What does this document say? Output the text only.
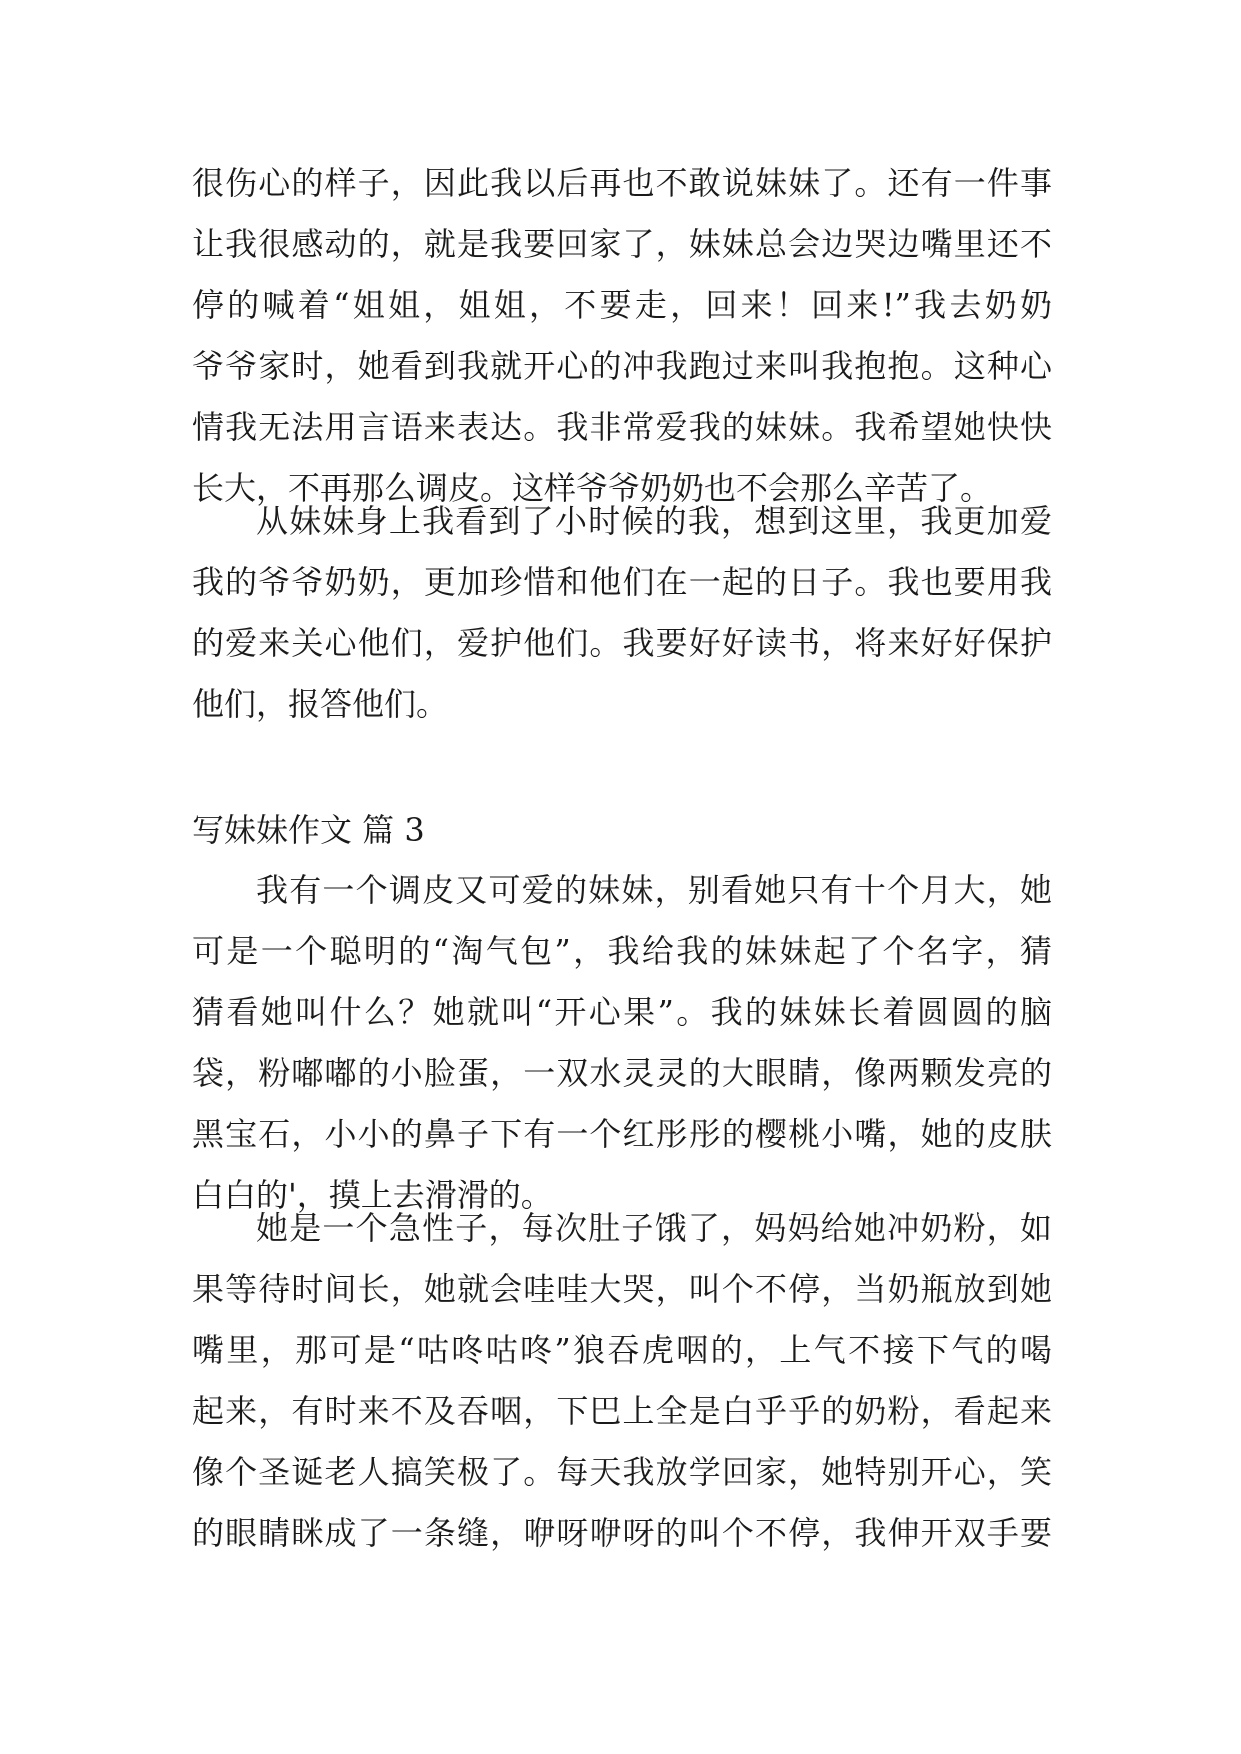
很伤心的样子，因此我以后再也不敢说妹妹了。还有一件事
让我很感动的，就是我要回家了，妹妹总会边哭边嘴里还不
停的喊着“姐姐，姐姐，不要走，回来！回来!”我去奶奶
爷爷家时，她看到我就开心的冲我跑过来叫我抱抱。这种心
情我无法用言语来表达。我非常爱我的妹妹。我希望她快快
长大，不再那么调皮。这样爷爷奶奶也不会那么辛苦了。
从妹妹身上我看到了小时候的我，想到这里，我更加爱
我的爷爷奶奶，更加珍惜和他们在一起的日子。我也要用我
的爱来关心他们，爱护他们。我要好好读书，将来好好保护
他们，报答他们。
写妹妹作文 篇 3
我有一个调皮又可爱的妹妹，别看她只有十个月大，她
可是一个聪明的“淘气包”，我给我的妹妹起了个名字，猜
猜看她叫什么？她就叫“开心果”。我的妹妹长着圆圆的脑
袋，粉嘟嘟的小脸蛋，一双水灵灵的大眼睛，像两颗发亮的
黑宝石，小小的鼻子下有一个红彤彤的樱桃小嘴，她的皮肤
白白的'，摸上去滑滑的。
她是一个急性子，每次肚子饿了，妈妈给她冲奶粉，如
果等待时间长，她就会哇哇大哭，叫个不停，当奶瓶放到她
嘴里，那可是“咕咚咕咚”狼吞虎咽的，上气不接下气的喝
起来，有时来不及吞咽，下巴上全是白乎乎的奶粉，看起来
像个圣诞老人搞笑极了。每天我放学回家，她特别开心，笑
的眼睛眯成了一条缝，咿呀咿呀的叫个不停，我伸开双手要
